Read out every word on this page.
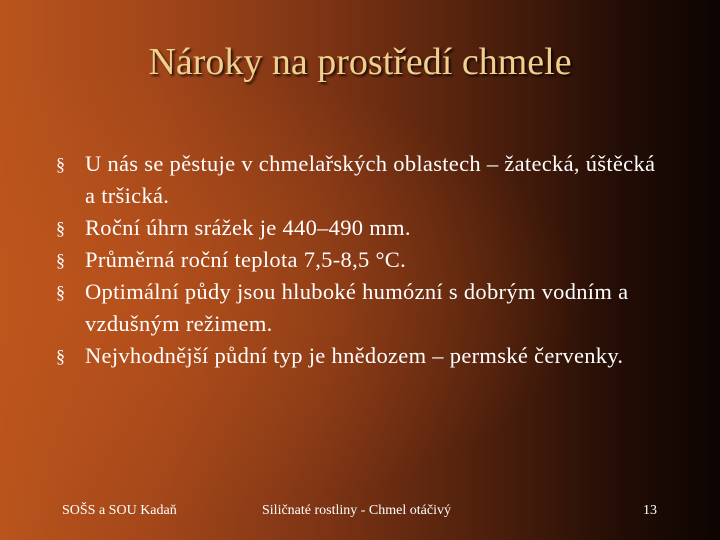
Nároky na prostředí chmele
§ U nás se pěstuje v chmelařských oblastech – žatecká, úštěcká a tršická.
§ Roční úhrn srážek je 440–490 mm.
§ Průměrná roční teplota 7,5-8,5 °C.
§ Optimální půdy jsou hluboké humózní s dobrým vodním a vzdušným režimem.
§ Nejvhodnější půdní typ je hnědozem – permské červenky.
SOŠS a SOU Kadaň	Siličnaté rostliny - Chmel otáčivý	13
